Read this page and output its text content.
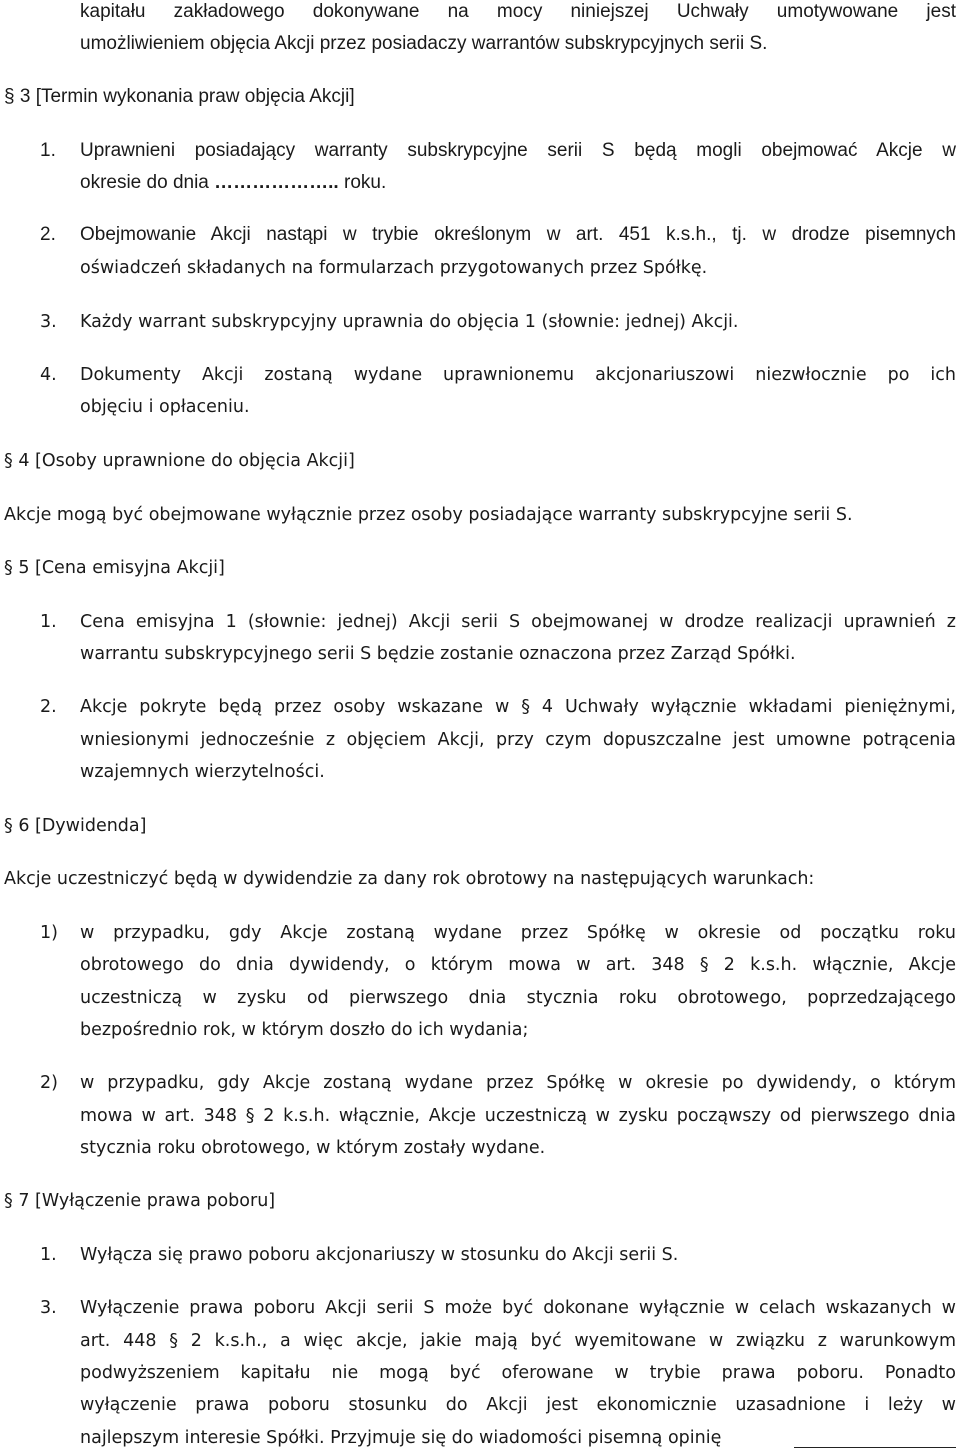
kapitału zakładowego dokonywane na mocy niniejszej Uchwały umotywowane jest
umożliwieniem objęcia Akcji przez posiadaczy warrantów subskrypcyjnych serii S.
§ 3 [Termin wykonania praw objęcia Akcji]
1. Uprawnieni posiadający warranty subskrypcyjne serii S będą mogli obejmować Akcje w
okresie do dnia ……………….. roku.
2. Obejmowanie Akcji nastąpi w trybie określonym w art. 451 k.s.h., tj. w drodze pisemnych
oświadczeń składanych na formularzach przygotowanych przez Spółkę.
3. Każdy warrant subskrypcyjny uprawnia do objęcia 1 (słownie: jednej) Akcji.
4. Dokumenty Akcji zostaną wydane uprawnionemu akcjonariuszowi niezwłocznie po ich
objęciu i opłaceniu.
§ 4 [Osoby uprawnione do objęcia Akcji]
Akcje mogą być obejmowane wyłącznie przez osoby posiadające warranty subskrypcyjne serii S.
§ 5 [Cena emisyjna Akcji]
1. Cena emisyjna 1 (słownie: jednej) Akcji serii S obejmowanej w drodze realizacji uprawnień z
warrantu subskrypcyjnego serii S będzie zostanie oznaczona przez Zarząd Spółki.
2. Akcje pokryte będą przez osoby wskazane w § 4 Uchwały wyłącznie wkładami pieniężnymi,
wniesionymi jednocześnie z objęciem Akcji, przy czym dopuszczalne jest umowne potrącenia
wzajemnych wierzytelności.
§ 6 [Dywidenda]
Akcje uczestniczyć będą w dywidendzie za dany rok obrotowy na następujących warunkach:
1) w przypadku, gdy Akcje zostaną wydane przez Spółkę w okresie od początku roku
obrotowego do dnia dywidendy, o którym mowa w art. 348 § 2 k.s.h. włącznie, Akcje
uczestniczą w zysku od pierwszego dnia stycznia roku obrotowego, poprzedzającego
bezpośrednio rok, w którym doszło do ich wydania;
2) w przypadku, gdy Akcje zostaną wydane przez Spółkę w okresie po dywidendy, o którym
mowa w art. 348 § 2 k.s.h. włącznie, Akcje uczestniczą w zysku począwszy od pierwszego dnia
stycznia roku obrotowego, w którym zostały wydane.
§ 7 [Wyłączenie prawa poboru]
1. Wyłącza się prawo poboru akcjonariuszy w stosunku do Akcji serii S.
3. Wyłączenie prawa poboru Akcji serii S może być dokonane wyłącznie w celach wskazanych w
art. 448 § 2 k.s.h., a więc akcje, jakie mają być wyemitowane w związku z warunkowym
podwyższeniem kapitału nie mogą być oferowane w trybie prawa poboru. Ponadto
wyłączenie prawa poboru stosunku do Akcji jest ekonomicznie uzasadnione i leży w
najlepszym interesie Spółki. Przyjmuje się do wiadomości pisemną opinię
